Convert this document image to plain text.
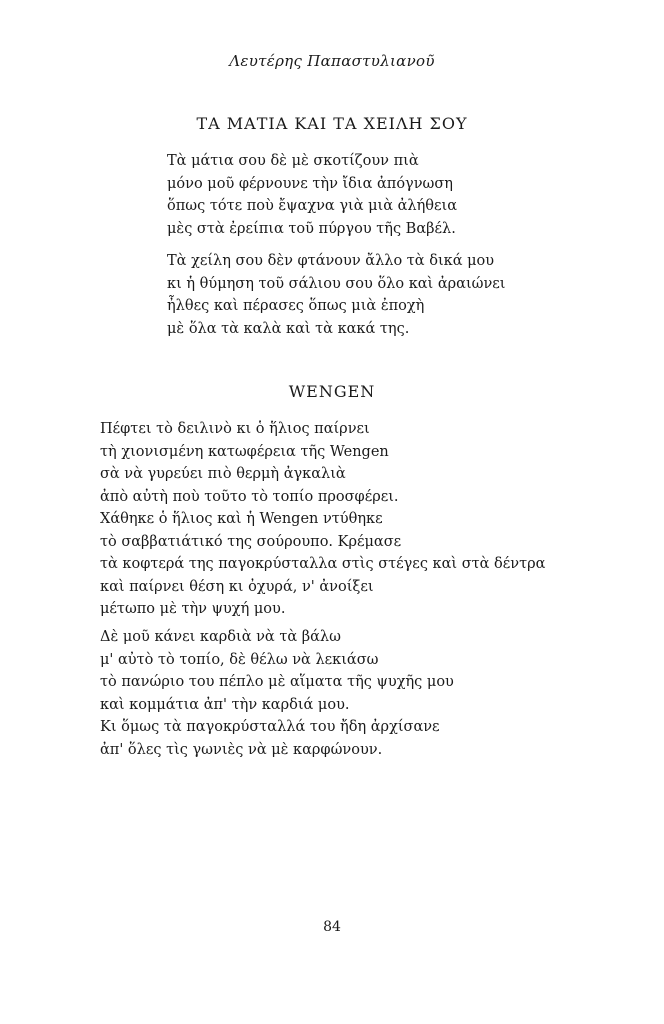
Λευτέρης Παπαστυλιανοῦ
ΤΑ ΜΑΤΙΑ ΚΑΙ ΤΑ ΧΕΙΛΗ ΣΟΥ
Τὰ μάτια σου δὲ μὲ σκοτίζουν πιὰ
μόνο μοῦ φέρνουνε τὴν ἴδια ἀπόγνωση
ὅπως τότε ποὺ ἔψαχνα γιὰ μιὰ ἀλήθεια
μὲς στὰ ἐρείπια τοῦ πύργου τῆς Βαβέλ.
Τὰ χείλη σου δὲν φτάνουν ἄλλο τὰ δικά μου
κι ἡ θύμηση τοῦ σάλιου σου ὅλο καὶ ἀραιώνει
ἦλθες καὶ πέρασες ὅπως μιὰ ἐποχὴ
μὲ ὅλα τὰ καλὰ καὶ τὰ κακά της.
WENGEN
Πέφτει τὸ δειλινὸ κι ὁ ἥλιος παίρνει
τὴ χιονισμένη κατωφέρεια τῆς Wengen
σὰ νὰ γυρεύει πιὸ θερμὴ ἀγκαλιὰ
ἀπὸ αὐτὴ ποὺ τοῦτο τὸ τοπίο προσφέρει.
Χάθηκε ὁ ἥλιος καὶ ἡ Wengen ντύθηκε
τὸ σαββατιάτικό της σούρουπο. Κρέμασε
τὰ κοφτερά της παγοκρύσταλλα στὶς στέγες καὶ στὰ δέντρα
καὶ παίρνει θέση κι ὀχυρά, ν' ἀνοίξει
μέτωπο μὲ τὴν ψυχή μου.
Δὲ μοῦ κάνει καρδιὰ νὰ τὰ βάλω
μ' αὐτὸ τὸ τοπίο, δὲ θέλω νὰ λεκιάσω
τὸ πανώριο του πέπλο μὲ αἵματα τῆς ψυχῆς μου
καὶ κομμάτια ἀπ' τὴν καρδιά μου.
Κι ὅμως τὰ παγοκρύσταλλά του ἤδη ἀρχίσανε
ἀπ' ὅλες τὶς γωνιὲς νὰ μὲ καρφώνουν.
84
